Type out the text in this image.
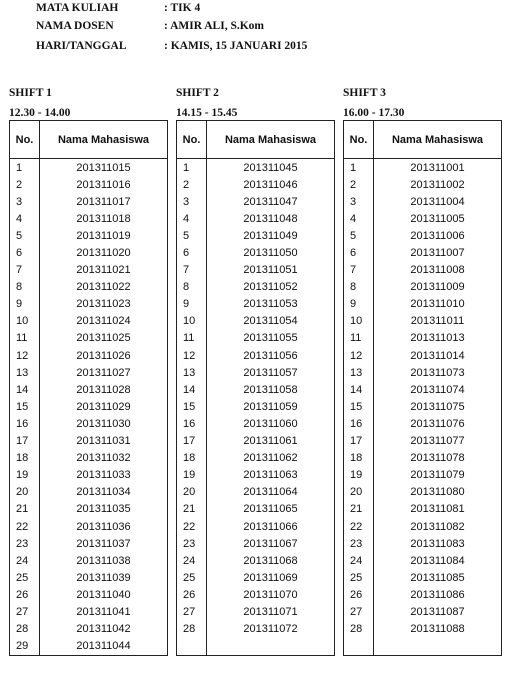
MATA KULIAH	: TIK 4
NAMA DOSEN	: AMIR ALI, S.Kom
HARI/TANGGAL	: KAMIS, 15 JANUARI 2015
SHIFT 1
12.30 - 14.00
No.	Nama Mahasiswa
1	201311015
2	201311016
3	201311017
4	201311018
5	201311019
6	201311020
7	201311021
8	201311022
9	201311023
10	201311024
11	201311025
12	201311026
13	201311027
14	201311028
15	201311029
16	201311030
17	201311031
18	201311032
19	201311033
20	201311034
21	201311035
22	201311036
23	201311037
24	201311038
25	201311039
26	201311040
27	201311041
28	201311042
29	201311044
SHIFT 2
14.15 - 15.45
No.	Nama Mahasiswa
1	201311045
2	201311046
3	201311047
4	201311048
5	201311049
6	201311050
7	201311051
8	201311052
9	201311053
10	201311054
11	201311055
12	201311056
13	201311057
14	201311058
15	201311059
16	201311060
17	201311061
18	201311062
19	201311063
20	201311064
21	201311065
22	201311066
23	201311067
24	201311068
25	201311069
26	201311070
27	201311071
28	201311072

SHIFT 3
16.00 - 17.30
No.	Nama Mahasiswa
1	201311001
2	201311002
3	201311004
4	201311005
5	201311006
6	201311007
7	201311008
8	201311009
9	201311010
10	201311011
11	201311013
12	201311014
13	201311073
14	201311074
15	201311075
16	201311076
17	201311077
18	201311078
19	201311079
20	201311080
21	201311081
22	201311082
23	201311083
24	201311084
25	201311085
26	201311086
27	201311087
28	201311088
